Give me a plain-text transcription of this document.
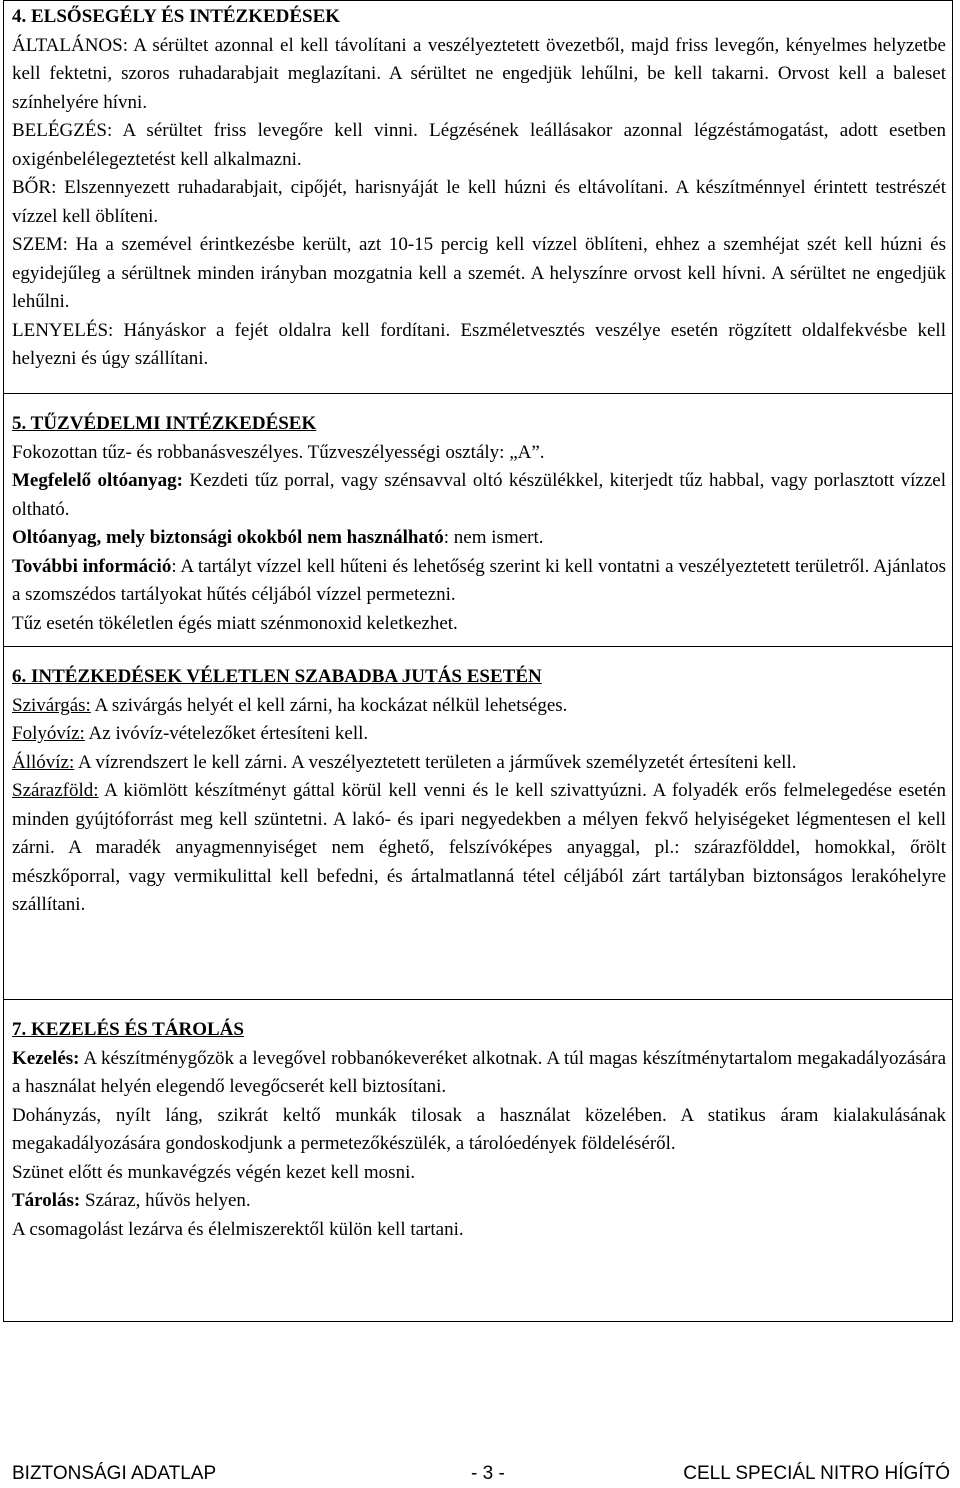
4. ELSŐSEGÉLY ÉS INTÉZKEDÉSEK

ÁLTALÁNOS: A sérültet azonnal el kell távolítani a veszélyeztetett övezetből, majd friss levegőn, kényelmes helyzetbe kell fektetni, szoros ruhadarabjait meglazítani. A sérültet ne engedjük lehűlni, be kell takarni. Orvost kell a baleset színhelyére hívni.

BELÉGZÉS: A sérültet friss levegőre kell vinni. Légzésének leállásakor azonnal légzéstámogatást, adott esetben oxigénbelélegeztetést kell alkalmazni.

BŐR: Elszennyezett ruhadarabjait, cipőjét, harisnyáját le kell húzni és eltávolítani. A készítménnyel érintett testrészét vízzel kell öblíteni.

SZEM: Ha a szemével érintkezésbe került, azt 10-15 percig kell vízzel öblíteni, ehhez a szemhéjat szét kell húzni és egyidejűleg a sérültnek minden irányban mozgatnia kell a szemét. A helyszínre orvost kell hívni. A sérültet ne engedjük lehűlni.

LENYELÉS: Hányáskor a fejét oldalra kell fordítani. Eszméletvesztés veszélye esetén rögzített oldalfekvésbe kell helyezni és úgy szállítani.

5. TŰZVÉDELMI INTÉZKEDÉSEK

Fokozottan tűz- és robbanásveszélyes. Tűzveszélyességi osztály: „A”.

Megfelelő oltóanyag: Kezdeti tűz porral, vagy szénsavval oltó készülékkel, kiterjedt tűz habbal, vagy porlasztott vízzel oltható.

Oltóanyag, mely biztonsági okokból nem használható: nem ismert.

További információ: A tartályt vízzel kell hűteni és lehetőség szerint ki kell vontatni a veszélyeztetett területről. Ajánlatos a szomszédos tartályokat hűtés céljából vízzel permetezni.

Tűz esetén tökéletlen égés miatt szénmonoxid keletkezhet.

6. INTÉZKEDÉSEK VÉLETLEN SZABADBA JUTÁS ESETÉN

Szivárgás: A szivárgás helyét el kell zárni, ha kockázat nélkül lehetséges.

Folyóvíz: Az ivóvíz-vételezőket értesíteni kell.

Állóvíz: A vízrendszert le kell zárni. A veszélyeztetett területen a járművek személyzetét értesíteni kell.

Szárazföld: A kiömlött készítményt gáttal körül kell venni és le kell szivattyúzni. A folyadék erős felmelegedése esetén minden gyújtóforrást meg kell szüntetni. A lakó- és ipari negyedekben a mélyen fekvő helyiségeket légmentesen el kell zárni. A maradék anyagmennyiséget nem éghető, felszívóképes anyaggal, pl.: szárazfölddel, homokkal, őrölt mészkőporral, vagy vermikulittal kell befedni, és ártalmatlanná tétel céljából zárt tartályban biztonságos lerakóhelyre szállítani.

7. KEZELÉS ÉS TÁROLÁS

Kezelés: A készítménygőzök a levegővel robbanókeveréket alkotnak. A túl magas készítménytartalom megakadályozására a használat helyén elegendő levegőcserét kell biztosítani.

Dohányzás, nyílt láng, szikrát keltő munkák tilosak a használat közelében. A statikus áram kialakulásának megakadályozására gondoskodjunk a permetezőkészülék, a tárolóedények földeléséről.

Szünet előtt és munkavégzés végén kezet kell mosni.

Tárolás: Száraz, hűvös helyen.

A csomagolást lezárva és élelmiszerektől külön kell tartani.

BIZTONSÁGI ADATLAP	- 3 -	CELL SPECIÁL NITRO HÍGÍTÓ
